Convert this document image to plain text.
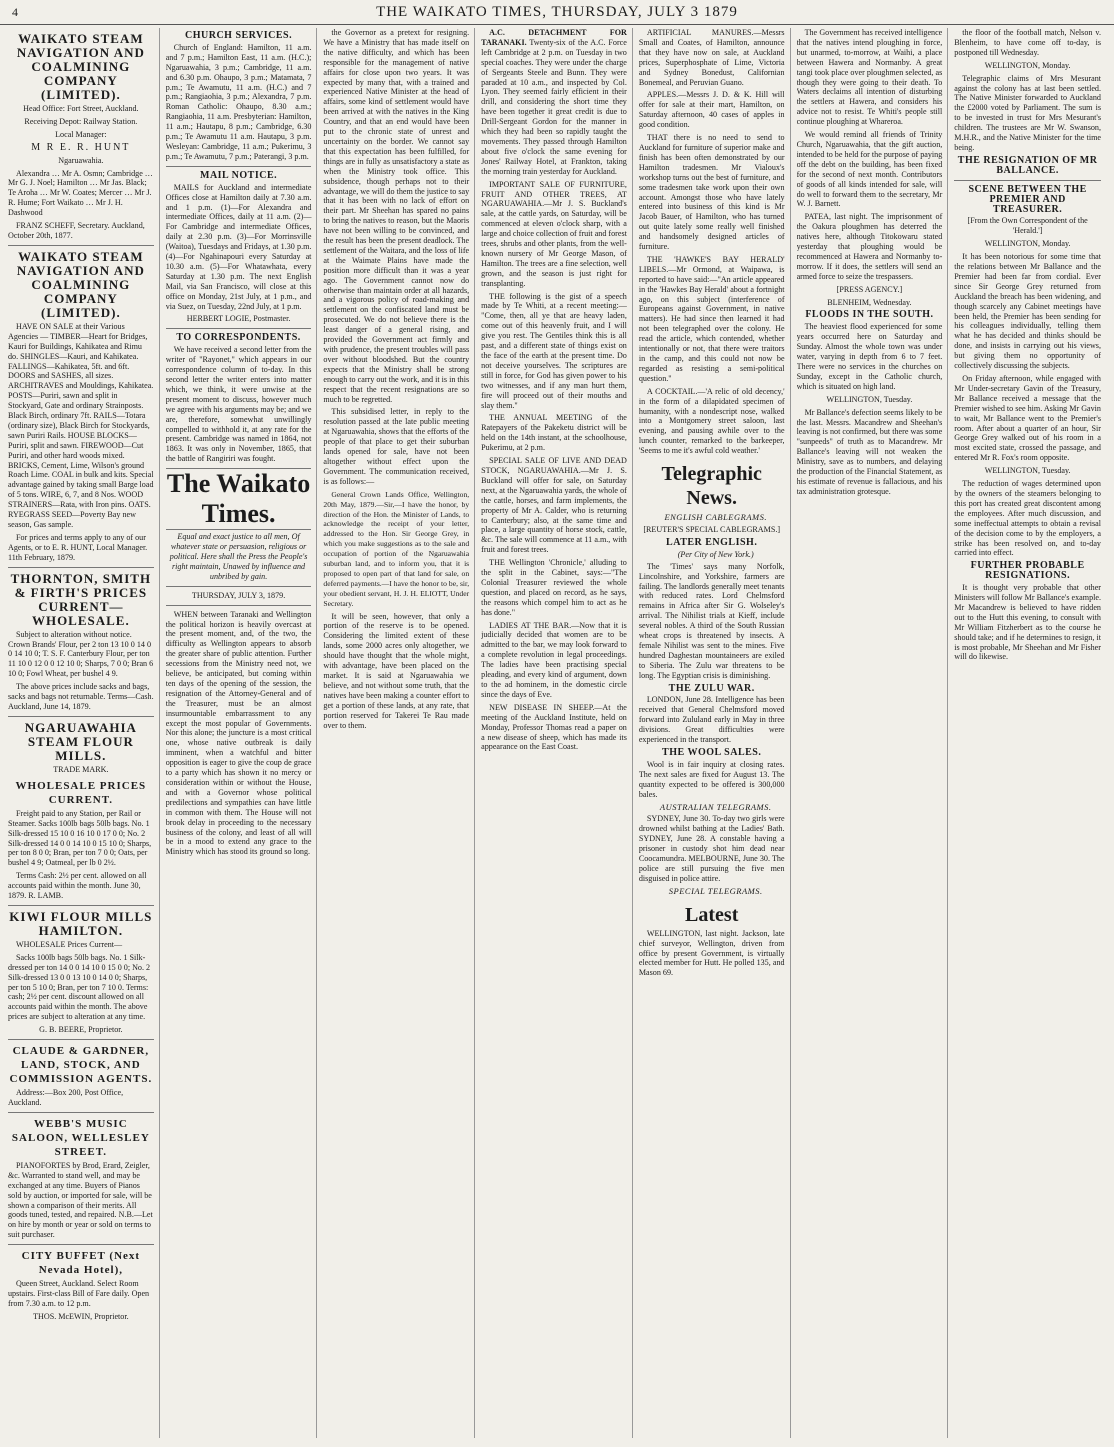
4	THE WAIKATO TIMES, THURSDAY, JULY 3 1879
WAIKATO STEAM NAVIGATION AND COALMINING COMPANY (LIMITED).

Head Office: Fort Street, Auckland.

Receiving Depot: Railway Station.

Local Manager:

M R E. R. HUNT

Ngaruawahia.

Alexandra … Mr A. Osmn; Cambridge … Mr G. J. Noel; Hamilton … Mr Jas. Black; Te Aroha … Mr W. Coates; Mercer … Mr J. R. Hume; Fort Waikato … Mr J. H. Dashwood

FRANZ SCHEFF, Secretary. Auckland, October 20th, 1877.

WAIKATO STEAM NAVIGATION AND COALMINING COMPANY (LIMITED).

HAVE ON SALE at their Various Agencies — TIMBER—Heart for Bridges, Kauri for Buildings, Kahikatea and Rimu do. SHINGLES—Kauri, and Kahikatea. FALLINGS—Kahikatea, 5ft. and 6ft. DOORS and SASHES, all sizes. ARCHITRAVES and Mouldings, Kahikatea. POSTS—Puriri, sawn and split in Stockyard, Gate and ordinary Strainposts. Black Birch, ordinary 7ft. RAILS—Totara (ordinary size), Black Birch for Stockyards, sawn Puriri Rails. HOUSE BLOCKS—Puriri, split and sawn. FIREWOOD—Cut Puriri, and other hard woods mixed. BRICKS, Cement, Lime, Wilson's ground Roach Lime. COAL in bulk and kits. Special advantage gained by taking small Barge load of 5 tons. WIRE, 6, 7, and 8 Nos. WOOD STRAINERS—Rata, with Iron pins. OATS. RYEGRASS SEED—Poverty Bay new season, Gas sample.

For prices and terms apply to any of our Agents, or to E. R. HUNT, Local Manager. 11th February, 1879.

THORNTON, SMITH & FIRTH'S PRICES CURRENT—WHOLESALE.

Subject to alteration without notice. Crown Brands' Flour, per 2 ton 13 10 0 14 0 0 14 10 0; T. S. F. Canterbury Flour, per ton 11 10 0 12 0 0 12 10 0; Sharps, 7 0 0; Bran 6 10 0; Fowl Wheat, per bushel 4 9.

The above prices include sacks and bags, sacks and bags not returnable. Terms—Cash. Auckland, June 14, 1879.

NGARUAWAHIA STEAM FLOUR MILLS.

TRADE MARK.

WHOLESALE PRICES CURRENT.

Freight paid to any Station, per Rail or Steamer. Sacks 100lb bags 50lb bags. No. 1 Silk-dressed 15 10 0 16 10 0 17 0 0; No. 2 Silk-dressed 14 0 0 14 10 0 15 10 0; Sharps, per ton 8 0 0; Bran, per ton 7 0 0; Oats, per bushel 4 9; Oatmeal, per lb 0 2½.

Terms Cash: 2½ per cent. allowed on all accounts paid within the month. June 30, 1879. R. LAMB.

KIWI FLOUR MILLS HAMILTON.

WHOLESALE Prices Current—

Sacks 100lb bags 50lb bags. No. 1 Silk-dressed per ton 14 0 0 14 10 0 15 0 0; No. 2 Silk-dressed 13 0 0 13 10 0 14 0 0; Sharps, per ton 5 10 0; Bran, per ton 7 10 0. Terms: cash; 2½ per cent. discount allowed on all accounts paid within the month. The above prices are subject to alteration at any time.

G. B. BEERE, Proprietor.

CLAUDE & GARDNER, LAND, STOCK, AND COMMISSION AGENTS.

Address:—Box 200, Post Office, Auckland.

WEBB'S MUSIC SALOON, WELLESLEY STREET.

PIANOFORTES by Brod, Erard, Zeigler, &c. Warranted to stand well, and may be exchanged at any time. Buyers of Pianos sold by auction, or imported for sale, will be shown a comparison of their merits. All goods tuned, tested, and repaired. N.B.—Let on hire by month or year or sold on terms to suit purchaser.

CITY BUFFET (Next Nevada Hotel),

Queen Street, Auckland. Select Room upstairs. First-class Bill of Fare daily. Open from 7.30 a.m. to 12 p.m.

THOS. McEWIN, Proprietor.

CHURCH SERVICES.

Church of England: Hamilton, 11 a.m. and 7 p.m.; Hamilton East, 11 a.m. (H.C.); Ngaruawahia, 3 p.m.; Cambridge, 11 a.m. and 6.30 p.m. Ohaupo, 3 p.m.; Matamata, 7 p.m.; Te Awamutu, 11 a.m. (H.C.) and 7 p.m.; Rangiaohia, 3 p.m.; Alexandra, 7 p.m. Roman Catholic: Ohaupo, 8.30 a.m.; Rangiaohia, 11 a.m. Presbyterian: Hamilton, 11 a.m.; Hautapu, 8 p.m.; Cambridge, 6.30 p.m.; Te Awamutu 11 a.m. Hautapu, 3 p.m. Wesleyan: Cambridge, 11 a.m.; Pukerimu, 3 p.m.; Te Awamutu, 7 p.m.; Paterangi, 3 p.m.

MAIL NOTICE.

MAILS for Auckland and intermediate Offices close at Hamilton daily at 7.30 a.m. and 1 p.m. (1)—For Alexandra and intermediate Offices, daily at 11 a.m. (2)—For Cambridge and intermediate Offices, daily at 2.30 p.m. (3)—For Morrinsville (Waitoa), Tuesdays and Fridays, at 1.30 p.m. (4)—For Ngahinapouri every Saturday at 10.30 a.m. (5)—For Whatawhata, every Saturday at 1.30 p.m. The next English Mail, via San Francisco, will close at this office on Monday, 21st July, at 1 p.m., and via Suez, on Tuesday, 22nd July, at 1 p.m.

HERBERT LOGIE, Postmaster.

TO CORRESPONDENTS.

We have received a second letter from the writer of "Rayonet," which appears in our correspondence column of to-day. In this second letter the writer enters into matter which, we think, it were unwise at the present moment to discuss, however much we agree with his arguments may be; and we are, therefore, somewhat unwillingly compelled to withhold it, at any rate for the present. Cambridge was named in 1864, not 1863. It was only in November, 1865, that the battle of Rangiriri was fought.

The Waikato Times.

Equal and exact justice to all men, Of whatever state or persuasion, religious or political. Here shall the Press the People's right maintain, Unawed by influence and unbribed by gain.

THURSDAY, JULY 3, 1879.

WHEN between Taranaki and Wellington the political horizon is heavily overcast at the present moment, and, of the two, the difficulty as Wellington appears to absorb the greater share of public attention. Further secessions from the Ministry need not, we believe, be anticipated, but coming within ten days of the opening of the session, the resignation of the Attorney-General and of the Treasurer, must be an almost insurmountable embarrassment to any except the most popular of Governments. Nor this alone; the juncture is a most critical one, whose native outbreak is daily imminent, when a watchful and bitter opposition is eager to give the coup de grace to a party which has shown it no mercy or consideration within or without the House, and with a Governor whose political predilections and sympathies can have little in common with them. The House will not brook delay in proceeding to the necessary business of the colony, and least of all will be in a mood to extend any grace to the Ministry which has stood its ground so long.

the Governor as a pretext for resigning. We have a Ministry that has made itself on the native difficulty, and which has been responsible for the management of native affairs for close upon two years. It was expected by many that, with a trained and experienced Native Minister at the head of affairs, some kind of settlement would have been arrived at with the natives in the King Country, and that an end would have been put to the chronic state of unrest and uncertainty on the border. We cannot say that this expectation has been fulfilled, for things are in fully as unsatisfactory a state as when the Ministry took office. This subsidence, though perhaps not to their advantage, we will do them the justice to say that it has been with no lack of effort on their part. Mr Sheehan has spared no pains to bring the natives to reason, but the Maoris have not been willing to be convinced, and the result has been the present deadlock. The settlement of the Waitara, and the loss of life at the Waimate Plains have made the position more difficult than it was a year ago. The Government cannot now do otherwise than maintain order at all hazards, and a vigorous policy of road-making and settlement on the confiscated land must be prosecuted. We do not believe there is the least danger of a general rising, and provided the Government act firmly and with prudence, the present troubles will pass over without bloodshed. But the country expects that the Ministry shall be strong enough to carry out the work, and it is in this respect that the recent resignations are so much to be regretted.

This subsidised letter, in reply to the resolution passed at the late public meeting at Ngaruawahia, shows that the efforts of the people of that place to get their suburban lands opened for sale, have not been altogether without effect upon the Government. The communication received, is as follows:—

General Crown Lands Office, Wellington, 20th May, 1879.—Sir,—I have the honor, by direction of the Hon. the Minister of Lands, to acknowledge the receipt of your letter, addressed to the Hon. Sir George Grey, in which you make suggestions as to the sale and occupation of portion of the Ngaruawahia suburban land, and to inform you, that it is proposed to open part of that land for sale, on deferred payments.—I have the honor to be, sir, your obedient servant, H. J. H. ELIOTT, Under Secretary.

It will be seen, however, that only a portion of the reserve is to be opened. Considering the limited extent of these lands, some 2000 acres only altogether, we should have thought that the whole might, with advantage, have been placed on the market. It is said at Ngaruawahia we believe, and not without some truth, that the natives have been making a counter effort to get a portion of these lands, at any rate, that portion reserved for Takerei Te Rau made over to them.

A.C. DETACHMENT FOR TARANAKI. Twenty-six of the A.C. Force left Cambridge at 2 p.m. on Tuesday in two special coaches. They were under the charge of Sergeants Steele and Bunn. They were paraded at 10 a.m., and inspected by Col. Lyon. They seemed fairly efficient in their drill, and considering the short time they have been together it great credit is due to Drill-Sergeant Gordon for the manner in which they had been so rapidly taught the movements. They passed through Hamilton about five o'clock the same evening for Jones' Railway Hotel, at Frankton, taking the morning train yesterday for Auckland.

IMPORTANT SALE OF FURNITURE, FRUIT AND OTHER TREES, AT NGARUAWAHIA.—Mr J. S. Buckland's sale, at the cattle yards, on Saturday, will be commenced at eleven o'clock sharp, with a large and choice collection of fruit and forest trees, shrubs and other plants, from the well-known nursery of Mr George Mason, of Hamilton. The trees are a fine selection, well grown, and the season is just right for transplanting.

THE following is the gist of a speech made by Te Whiti, at a recent meeting:— "Come, then, all ye that are heavy laden, come out of this heavenly fruit, and I will give you rest. The Gentiles think this is all past, and a different state of things exist on the face of the earth at the present time. Do not deceive yourselves. The scriptures are still in force, for God has given power to his two witnesses, and if any man hurt them, fire will proceed out of their mouths and slay them."

THE ANNUAL MEETING of the Ratepayers of the Pakeketu district will be held on the 14th instant, at the schoolhouse, Pukerimu, at 2 p.m.

SPECIAL SALE OF LIVE AND DEAD STOCK, NGARUAWAHIA.—Mr J. S. Buckland will offer for sale, on Saturday next, at the Ngaruawahia yards, the whole of the cattle, horses, and farm implements, the property of Mr A. Calder, who is returning to Canterbury; also, at the same time and place, a large quantity of horse stock, cattle, &c. The sale will commence at 11 a.m., with fruit and forest trees.

THE Wellington 'Chronicle,' alluding to the split in the Cabinet, says:—"The Colonial Treasurer reviewed the whole question, and placed on record, as he says, the reasons which compel him to act as he has done."

LADIES AT THE BAR.—Now that it is judicially decided that women are to be admitted to the bar, we may look forward to a complete revolution in legal proceedings. The ladies have been practising special pleading, and every kind of argument, down to the ad hominem, in the domestic circle since the days of Eve.

NEW DISEASE IN SHEEP.—At the meeting of the Auckland Institute, held on Monday, Professor Thomas read a paper on a new disease of sheep, which has made its appearance on the East Coast.

ARTIFICIAL MANURES.—Messrs Small and Coates, of Hamilton, announce that they have now on sale, at Auckland prices, Superphosphate of Lime, Victoria and Sydney Bonedust, Californian Bonemeal, and Peruvian Guano.

APPLES.—Messrs J. D. & K. Hill will offer for sale at their mart, Hamilton, on Saturday afternoon, 40 cases of apples in good condition.

THAT there is no need to send to Auckland for furniture of superior make and finish has been often demonstrated by our Hamilton tradesmen. Mr Vialoux's workshop turns out the best of furniture, and some tradesmen take work upon their own account. Amongst those who have lately entered into business of this kind is Mr Jacob Bauer, of Hamilton, who has turned out quite lately some really well finished and handsomely designed articles of furniture.

THE 'HAWKE'S BAY HERALD' LIBELS.—Mr Ormond, at Waipawa, is reported to have said:—"An article appeared in the 'Hawkes Bay Herald' about a fortnight ago, on this subject (interference of Europeans against Government, in native matters). He had since then learned it had not been telegraphed over the colony. He read the article, which contended, whether intentionally or not, that there were traitors in the camp, and this could not now be regarded as resisting a semi-political question."

A COCKTAIL.—'A relic of old decency,' in the form of a dilapidated specimen of humanity, with a nondescript nose, walked into a Montgomery street saloon, last evening, and pausing awhile over to the lunch counter, remarked to the barkeeper, 'Seems to me it's awful cold weather.'

Telegraphic News.

ENGLISH CABLEGRAMS.

[REUTER'S SPECIAL CABLEGRAMS.]

LATER ENGLISH.

(Per City of New York.)

The 'Times' says many Norfolk, Lincolnshire, and Yorkshire, farmers are failing. The landlords generally meet tenants with reduced rates. Lord Chelmsford remains in Africa after Sir G. Wolseley's arrival. The Nihilist trials at Kieff, include several nobles. A third of the South Russian wheat crops is threatened by insects. A female Nihilist was sent to the mines. Five hundred Daghestan mountaineers are exiled to Siberia. The Zulu war threatens to be long. The Egyptian crisis is diminishing.

THE ZULU WAR.

LONDON, June 28. Intelligence has been received that General Chelmsford moved forward into Zululand early in May in three divisions. Great difficulties were experienced in the transport.

THE WOOL SALES.

Wool is in fair inquiry at closing rates. The next sales are fixed for August 13. The quantity expected to be offered is 300,000 bales.

AUSTRALIAN TELEGRAMS.

SYDNEY, June 30. To-day two girls were drowned whilst bathing at the Ladies' Bath. SYDNEY, June 28. A constable having a prisoner in custody shot him dead near Coocamundra. MELBOURNE, June 30. The police are still pursuing the five men disguised in police attire.

SPECIAL TELEGRAMS.

Latest

WELLINGTON, last night. Jackson, late chief surveyor, Wellington, driven from office by present Government, is virtually elected member for Hutt. He polled 135, and Mason 69.

The Government has received intelligence that the natives intend ploughing in force, but unarmed, to-morrow, at Waihi, a place between Hawera and Normanby. A great tangi took place over ploughmen selected, as though they were going to their death. To Waters declaims all intention of disturbing the settlers at Hawera, and considers his advice not to resist. Te Whiti's people still continue ploughing at Whareroa.

We would remind all friends of Trinity Church, Ngaruawahia, that the gift auction, intended to be held for the purpose of paying off the debt on the building, has been fixed for the second of next month. Contributors of goods of all kinds intended for sale, will do well to forward them to the secretary, Mr W. J. Barnett.

PATEA, last night. The imprisonment of the Oakura ploughmen has deterred the natives here, although Titokowaru stated yesterday that ploughing would be recommenced at Hawera and Normanby to-morrow. If it does, the settlers will send an armed force to seize the trespassers.

[PRESS AGENCY.]

BLENHEIM, Wednesday.

FLOODS IN THE SOUTH.

The heaviest flood experienced for some years occurred here on Saturday and Sunday. Almost the whole town was under water, varying in depth from 6 to 7 feet. There were no services in the churches on Sunday, except in the Catholic church, which is situated on high land.

WELLINGTON, Tuesday.

Mr Ballance's defection seems likely to be the last. Messrs. Macandrew and Sheehan's leaving is not confirmed, but there was some "sunpeeds" of truth as to Macandrew. Mr Ballance's leaving will not weaken the Ministry, save as to numbers, and delaying the production of the Financial Statement, as his estimate of revenue is fallacious, and his tax administration grotesque.

the floor of the football match, Nelson v. Blenheim, to have come off to-day, is postponed till Wednesday.

WELLINGTON, Monday.

Telegraphic claims of Mrs Mesurant against the colony has at last been settled. The Native Minister forwarded to Auckland the £2000 voted by Parliament. The sum is to be invested in trust for Mrs Mesurant's children. The trustees are Mr W. Swanson, M.H.R., and the Native Minister for the time being.

THE RESIGNATION OF MR BALLANCE.
SCENE BETWEEN THE PREMIER AND TREASURER.

[From the Own Correspondent of the 'Herald.']

WELLINGTON, Monday.

It has been notorious for some time that the relations between Mr Ballance and the Premier had been far from cordial. Ever since Sir George Grey returned from Auckland the breach has been widening, and though scarcely any Cabinet meetings have been held, the Premier has been sending for his colleagues individually, telling them what he has decided and thinks should be done, and insists in carrying out his views, but giving them no opportunity of collectively discussing the subjects.

On Friday afternoon, while engaged with Mr Under-secretary Gavin of the Treasury, Mr Ballance received a message that the Premier wished to see him. Asking Mr Gavin to wait, Mr Ballance went to the Premier's room. After about a quarter of an hour, Sir George Grey walked out of his room in a most excited state, crossed the passage, and entered Mr R. Fox's room opposite.

WELLINGTON, Tuesday.

The reduction of wages determined upon by the owners of the steamers belonging to this port has created great discontent among the employees. After much discussion, and some ineffectual attempts to obtain a revisal of the decision come to by the employers, a strike has been resolved on, and to-day carried into effect.

FURTHER PROBABLE RESIGNATIONS.

It is thought very probable that other Ministers will follow Mr Ballance's example. Mr Macandrew is believed to have ridden out to the Hutt this evening, to consult with Mr William Fitzherbert as to the course he should take; and if he determines to resign, it is most probable, Mr Sheehan and Mr Fisher will do likewise.
